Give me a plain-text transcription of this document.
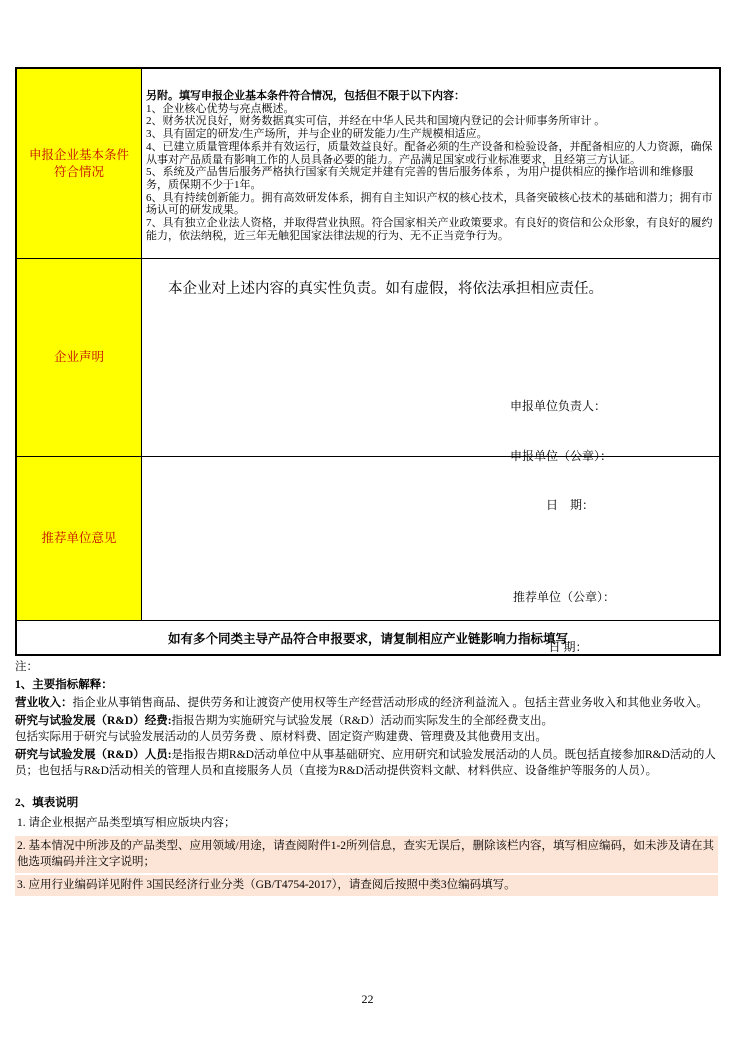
申报企业基本条件符合情况
另附。填写申报企业基本条件符合情况，包括但不限于以下内容：
1、企业核心优势与亮点概述。
2、财务状况良好，财务数据真实可信，并经在中华人民共和国境内登记的会计师事务所审计 。
3、具有固定的研发/生产场所，并与企业的研发能力/生产规模相适应。
4、已建立质量管理体系并有效运行，质量效益良好。配备必须的生产设备和检验设备，并配备相应的人力资源，确保从事对产品质量有影响工作的人员具备必要的能力。产品满足国家或行业标准要求，且经第三方认证。
5、系统及产品售后服务严格执行国家有关规定并建有完善的售后服务体系 ，为用户提供相应的操作培训和维修服务，质保期不少于1年。
6、具有持续创新能力。拥有高效研发体系，拥有自主知识产权的核心技术，具备突破核心技术的基础和潜力；拥有市场认可的研发成果。
7、具有独立企业法人资格，并取得营业执照。符合国家相关产业政策要求。有良好的资信和公众形象，有良好的履约能力，依法纳税，近三年无触犯国家法律法规的行为、无不正当竞争行为。
企业声明
本企业对上述内容的真实性负责。如有虚假，将依法承担相应责任。

申报单位负责人：

申报单位（公章）：

日　期：

推荐单位意见

推荐单位（公章）：

日 期：

如有多个同类主导产品符合申报要求，请复制相应产业链影响力指标填写

注：

1、主要指标解释：

营业收入：指企业从事销售商品、提供劳务和让渡资产使用权等生产经营活动形成的经济利益流入 。包括主营业务收入和其他业务收入。

研究与试验发展（R&D）经费:指报告期为实施研究与试验发展（R&D）活动而实际发生的全部经费支出。
包括实际用于研究与试验发展活动的人员劳务费 、原材料费、固定资产购建费、管理费及其他费用支出。

研究与试验发展（R&D）人员:是指报告期R&D活动单位中从事基础研究、应用研究和试验发展活动的人员。既包括直接参加R&D活动的人员；也包括与R&D活动相关的管理人员和直接服务人员（直接为R&D活动提供资料文献、材料供应、设备维护等服务的人员）。

2、填表说明

1. 请企业根据产品类型填写相应版块内容；
2. 基本情况中所涉及的产品类型、应用领域/用途，请查阅附件1-2所列信息，查实无误后，删除该栏内容，填写相应编码，如未涉及请在其他选项编码并注文字说明；
3. 应用行业编码详见附件 3国民经济行业分类（GB/T4754-2017），请查阅后按照中类3位编码填写。
22
